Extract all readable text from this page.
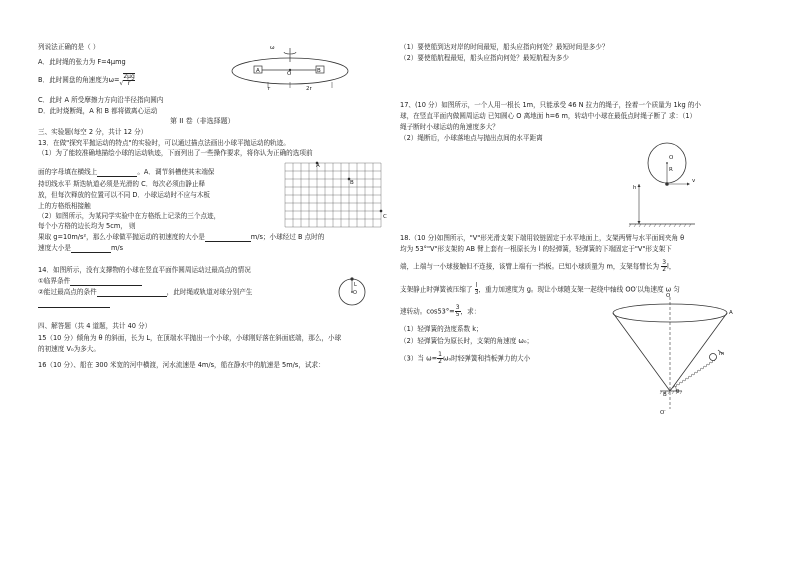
列说法正确的是（ ）
A．此时绳的张力为 F=4μmg
B．此时圆盘的角速度为$\omega=√ \frac{2\mu g}{r}$
C．此时 A 所受摩擦力方向沿半径指向圆内
D．此时烧断绳，A 和 B 都将做离心运动
ω
A	O	B
r	2r
第 II 卷（非选择题）
三、实验题(每空 2 分，共计 12 分）
13．在做"探究平抛运动的特点"的实验时，可以通过描点法画出小球平抛运动的轨迹。
（1）为了能较准确地描绘小球的运动轨迹，下面列出了一些操作要求，将你认为正确的选项前
面的字母填在横线上	。A．调节斜槽使其末端保
持切线水平 斯迭轨道必须是光滑的 C．每次必须由静止释
放，但每次释放的位置可以不同 D．小球运动时不应与木板
上的方格纸相接触
（2）如图所示，为某同学实验中在方格纸上记录的三个点迹，
每个小方格的边长均为 5cm， 则
果取 g=10m/s²，那么小球做平抛运动的初速度的大小是	m/s；小球经过 B 点时的
速度大小是	m/s
A
B
C
14．如图所示，没有支撑物的小球在竖直平面作圆周运动过最高点的情况
①临界条件
②能过最高点的条件	，此时绳或轨道对球分别产生	O
L
四、解答题（共 4 道题，共计 40 分）
15（10 分）倾角为 θ 的斜面，长为 L，在顶端水平抛出一个小球，小球刚好落在斜面底端，那么，小球
的初速度 V₀为多大。
16（10 分）、船在 300 米宽的河中横渡，河水流速是 4m/s，船在静水中的航速是 5m/s，试求：
（1）要使船到达对岸的时间最短，船头应指向何处？最短时间是多少？
（2）要使船航程最短，船头应指向何处？最短航程为多少
17、(10 分）如图所示，一个人用一根长 1m，只能承受 46 N 拉力的绳子，拴着一个质量为 1kg 的小
球，在竖直平面内做圆周运动 已知圆心 O 离地面 h=6 m，转动中小球在最低点时绳子断了 求：（1）
绳子断时小球运动的角速度多大？
（2）绳断后，小球落地点与抛出点间的水平距离
O
R
h
v
18.（10 分)如图所示，"V"形光滑支架下端用铰链固定于水平地面上，支架两臂与水平面间夹角 θ
均为 53°"V"形支架的 AB 臂上套有一根原长为 l 的轻弹簧，轻弹簧的下端固定于"V"形支架下
端，上端与一小球接触但不连接，该臂上端有一挡板。已知小球质量为 m，支架每臂长为 $\frac{3}{2}$ l，
支架静止时弹簧被压缩了 $\frac{l}{3}$ ，重力加速度为 g。现让小球随支架一起绕中轴线 OO′以角速度 ω 匀
速转动。$\cos 53^\circ= \frac{3}{5}$ ，求：
（1）轻弹簧的劲度系数 k；
（2）轻弹簧恰为原长时，支架的角速度 ω₀；
（3）当 $\omega= \frac{1}{2} \omega_0$时轻弹簧和挡板弹力的大小
O
A
m
θ
B
O′
